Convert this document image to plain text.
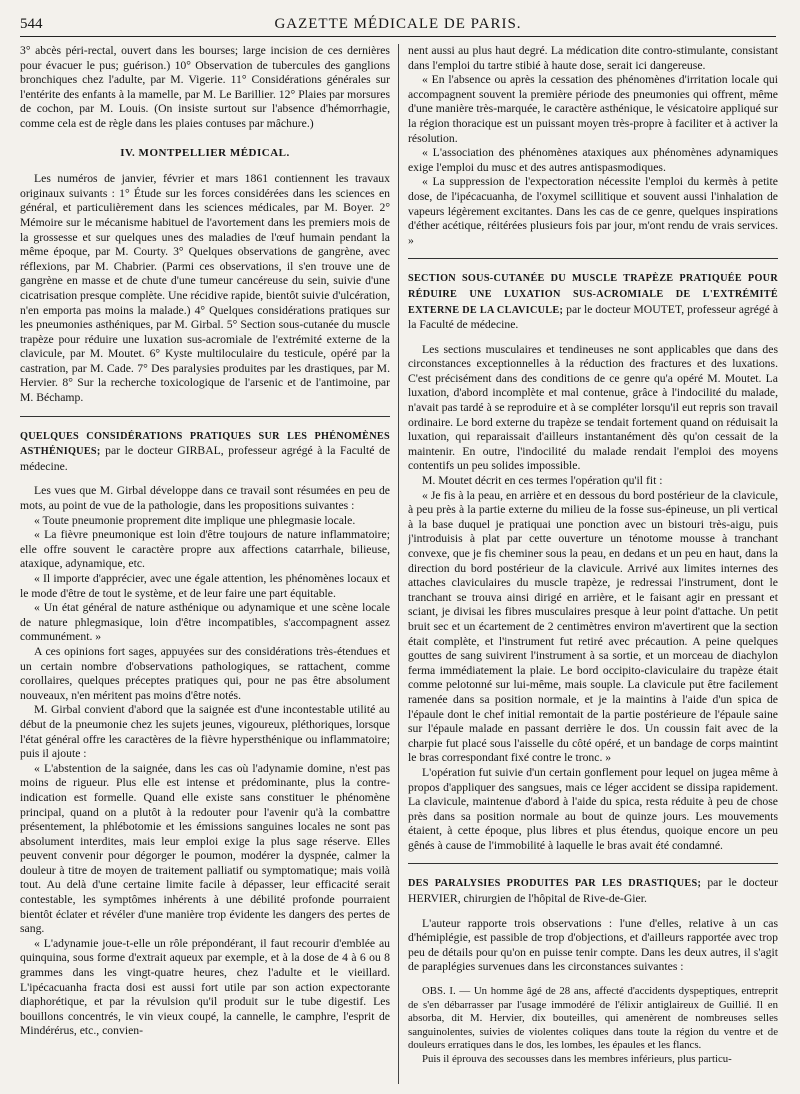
544	GAZETTE MÉDICALE DE PARIS.

3° abcès péri-rectal, ouvert dans les bourses; large incision de ces dernières pour évacuer le pus; guérison.) 10° Observation de tubercules des ganglions bronchiques chez l'adulte, par M. Vigerie. 11° Considérations générales sur l'entérite des enfants à la mamelle, par M. Le Barillier. 12° Plaies par morsures de cochon, par M. Louis. (On insiste surtout sur l'absence d'hémorrhagie, comme cela est de règle dans les plaies contuses par mâchure.)

IV. MONTPELLIER MÉDICAL.

Les numéros de janvier, février et mars 1861 contiennent les travaux originaux suivants : 1° Étude sur les forces considérées dans les sciences en général, et particulièrement dans les sciences médicales, par M. Boyer. 2° Mémoire sur le mécanisme habituel de l'avortement dans les premiers mois de la grossesse et sur quelques unes des maladies de l'œuf humain pendant la même époque, par M. Courty. 3° Quelques observations de gangrène, avec réflexions, par M. Chabrier. (Parmi ces observations, il s'en trouve une de gangrène en masse et de chute d'une tumeur cancéreuse du sein, suivie d'une cicatrisation presque complète. Une récidive rapide, bientôt suivie d'ulcération, n'en emporta pas moins la malade.) 4° Quelques considérations pratiques sur les pneumonies asthéniques, par M. Girbal. 5° Section sous-cutanée du muscle trapèze pour réduire une luxation sus-acromiale de l'extrémité externe de la clavicule, par M. Moutet. 6° Kyste multiloculaire du testicule, opéré par la castration, par M. Cade. 7° Des paralysies produites par les drastiques, par M. Hervier. 8° Sur la recherche toxicologique de l'arsenic et de l'antimoine, par M. Béchamp.

QUELQUES CONSIDÉRATIONS PRATIQUES SUR LES PHÉNOMÈNES ASTHÉNIQUES; par le docteur GIRBAL, professeur agrégé à la Faculté de médecine.

Les vues que M. Girbal développe dans ce travail sont résumées en peu de mots, au point de vue de la pathologie, dans les propositions suivantes :

« Toute pneumonie proprement dite implique une phlegmasie locale.

« La fièvre pneumonique est loin d'être toujours de nature inflammatoire; elle offre souvent le caractère propre aux affections catarrhale, bilieuse, ataxique, adynamique, etc.

« Il importe d'apprécier, avec une égale attention, les phénomènes locaux et le mode d'être de tout le système, et de leur faire une part équitable.

« Un état général de nature asthénique ou adynamique et une scène locale de nature phlegmasique, loin d'être incompatibles, s'accompagnent assez communément. »

A ces opinions fort sages, appuyées sur des considérations très-étendues et un certain nombre d'observations pathologiques, se rattachent, comme corollaires, quelques préceptes pratiques qui, pour ne pas être absolument nouveaux, n'en méritent pas moins d'être notés.

M. Girbal convient d'abord que la saignée est d'une incontestable utilité au début de la pneumonie chez les sujets jeunes, vigoureux, pléthoriques, lorsque l'état général offre les caractères de la fièvre hypersthénique ou inflammatoire; puis il ajoute :

« L'abstention de la saignée, dans les cas où l'adynamie domine, n'est pas moins de rigueur. Plus elle est intense et prédominante, plus la contre-indication est formelle. Quand elle existe sans constituer le phénomène principal, quand on a plutôt à la redouter pour l'avenir qu'à la combattre présentement, la phlébotomie et les émissions sanguines locales ne sont pas absolument interdites, mais leur emploi exige la plus sage réserve. Elles peuvent convenir pour dégorger le poumon, modérer la dyspnée, calmer la douleur à titre de moyen de traitement palliatif ou symptomatique; mais voilà tout. Au delà d'une certaine limite facile à dépasser, leur efficacité serait contestable, les symptômes inhérents à une débilité profonde pourraient bientôt éclater et révéler d'une manière trop évidente les dangers des pertes de sang.

« L'adynamie joue-t-elle un rôle prépondérant, il faut recourir d'emblée au quinquina, sous forme d'extrait aqueux par exemple, et à la dose de 4 à 6 ou 8 grammes dans les vingt-quatre heures, chez l'adulte et le vieillard. L'ipécacuanha fracta dosi est aussi fort utile par son action expectorante diaphorétique, et par la révulsion qu'il produit sur le tube digestif. Les bouillons concentrés, le vin vieux coupé, la cannelle, le camphre, l'esprit de Mindérérus, etc., convien-

nent aussi au plus haut degré. La médication dite contro-stimulante, consistant dans l'emploi du tartre stibié à haute dose, serait ici dangereuse.

« En l'absence ou après la cessation des phénomènes d'irritation locale qui accompagnent souvent la première période des pneumonies qui offrent, même d'une manière très-marquée, le caractère asthénique, le vésicatoire appliqué sur la région thoracique est un puissant moyen très-propre à faciliter et à activer la résolution.

« L'association des phénomènes ataxiques aux phénomènes adynamiques exige l'emploi du musc et des autres antispasmodiques.

« La suppression de l'expectoration nécessite l'emploi du kermès à petite dose, de l'ipécacuanha, de l'oxymel scillitique et souvent aussi l'inhalation de vapeurs légèrement excitantes. Dans les cas de ce genre, quelques inspirations d'éther acétique, réitérées plusieurs fois par jour, m'ont rendu de vrais services. »

SECTION SOUS-CUTANÉE DU MUSCLE TRAPÈZE PRATIQUÉE POUR RÉDUIRE UNE LUXATION SUS-ACROMIALE DE L'EXTRÉMITÉ EXTERNE DE LA CLAVICULE; par le docteur MOUTET, professeur agrégé à la Faculté de médecine.

Les sections musculaires et tendineuses ne sont applicables que dans des circonstances exceptionnelles à la réduction des fractures et des luxations. C'est précisément dans des conditions de ce genre qu'a opéré M. Moutet. La luxation, d'abord incomplète et mal contenue, grâce à l'indocilité du malade, n'avait pas tardé à se reproduire et à se compléter lorsqu'il eut repris son travail ordinaire. Le bord externe du trapèze se tendait fortement quand on réduisait la luxation, qui reparaissait d'ailleurs instantanément dès qu'on cessait de la maintenir. En outre, l'indocilité du malade rendait l'emploi des moyens contentifs un peu solides impossible.

M. Moutet décrit en ces termes l'opération qu'il fit :

« Je fis à la peau, en arrière et en dessous du bord postérieur de la clavicule, à peu près à la partie externe du milieu de la fosse sus-épineuse, un pli vertical à la base duquel je pratiquai une ponction avec un bistouri très-aigu, puis j'introduisis à plat par cette ouverture un ténotome mousse à tranchant convexe, que je fis cheminer sous la peau, en dedans et un peu en haut, dans la direction du bord postérieur de la clavicule. Arrivé aux limites internes des attaches claviculaires du muscle trapèze, je redressai l'instrument, dont le tranchant se trouva ainsi dirigé en arrière, et le faisant agir en pressant et sciant, je divisai les fibres musculaires presque à leur point d'attache. Un petit bruit sec et un écartement de 2 centimètres environ m'avertirent que la section était complète, et l'instrument fut retiré avec précaution. A peine quelques gouttes de sang suivirent l'instrument à sa sortie, et un morceau de diachylon ferma immédiatement la plaie. Le bord occipito-claviculaire du trapèze était comme pelotonné sur lui-même, mais souple. La clavicule put être facilement ramenée dans sa position normale, et je la maintins à l'aide d'un spica de l'épaule dont le chef initial remontait de la partie postérieure de l'épaule saine sur l'épaule malade en passant derrière le dos. Un coussin fait avec de la charpie fut placé sous l'aisselle du côté opéré, et un bandage de corps maintint le bras correspondant fixé contre le tronc. »

L'opération fut suivie d'un certain gonflement pour lequel on jugea même à propos d'appliquer des sangsues, mais ce léger accident se dissipa rapidement. La clavicule, maintenue d'abord à l'aide du spica, resta réduite à peu de chose près dans sa position normale au bout de quinze jours. Les mouvements étaient, à cette époque, plus libres et plus étendus, quoique encore un peu gênés à cause de l'immobilité à laquelle le bras avait été condamné.

DES PARALYSIES PRODUITES PAR LES DRASTIQUES; par le docteur HERVIER, chirurgien de l'hôpital de Rive-de-Gier.

L'auteur rapporte trois observations : l'une d'elles, relative à un cas d'hémiplégie, est passible de trop d'objections, et d'ailleurs rapportée avec trop peu de détails pour qu'on en puisse tenir compte. Dans les deux autres, il s'agit de paraplégies survenues dans les circonstances suivantes :

OBS. I. — Un homme âgé de 28 ans, affecté d'accidents dyspeptiques, entreprit de s'en débarrasser par l'usage immodéré de l'élixir antiglaireux de Guillié. Il en absorba, dit M. Hervier, dix bouteilles, qui amenèrent de nombreuses selles sanguinolentes, suivies de violentes coliques dans toute la région du ventre et de douleurs erratiques dans le dos, les lombes, les épaules et les flancs.

Puis il éprouva des secousses dans les membres inférieurs, plus particu-
